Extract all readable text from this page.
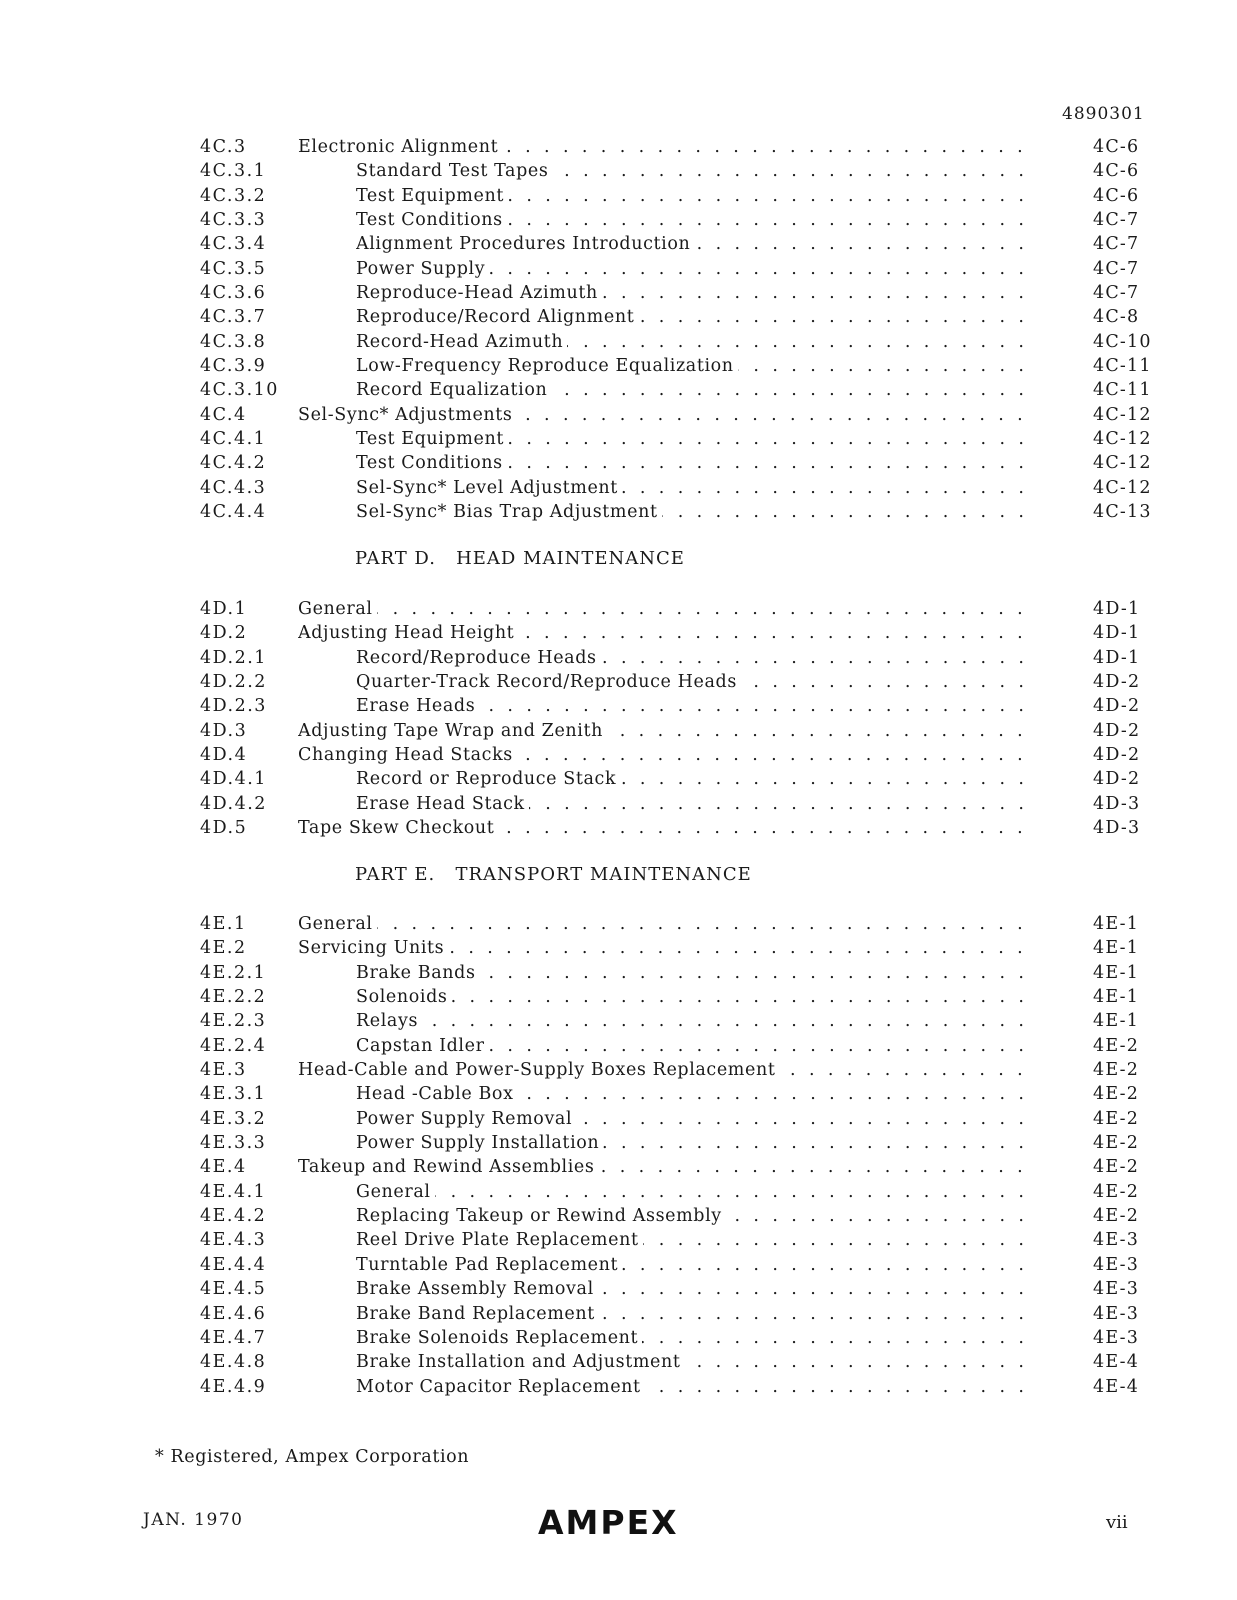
4890301
4C.3	Electronic Alignment . . .	4C-6
4C.3.1	Standard Test Tapes . . .	4C-6
4C.3.2	Test Equipment . . .	4C-6
4C.3.3	Test Conditions . . .	4C-7
4C.3.4	Alignment Procedures Introduction . . .	4C-7
4C.3.5	Power Supply . . .	4C-7
4C.3.6	Reproduce-Head Azimuth . . .	4C-7
4C.3.7	Reproduce/Record Alignment . . .	4C-8
4C.3.8	Record-Head Azimuth . . .	4C-10
4C.3.9	Low-Frequency Reproduce Equalization . . .	4C-11
4C.3.10	Record Equalization . . .	4C-11
4C.4	Sel-Sync* Adjustments . . .	4C-12
4C.4.1	Test Equipment . . .	4C-12
4C.4.2	Test Conditions . . .	4C-12
4C.4.3	Sel-Sync* Level Adjustment . . .	4C-12
4C.4.4	Sel-Sync* Bias Trap Adjustment . . .	4C-13
PART D.   HEAD MAINTENANCE
4D.1	General . . .	4D-1
4D.2	Adjusting Head Height . . .	4D-1
4D.2.1	Record/Reproduce Heads . . .	4D-1
4D.2.2	Quarter-Track Record/Reproduce Heads . . .	4D-2
4D.2.3	Erase Heads . . .	4D-2
4D.3	Adjusting Tape Wrap and Zenith . . .	4D-2
4D.4	Changing Head Stacks . . .	4D-2
4D.4.1	Record or Reproduce Stack . . .	4D-2
4D.4.2	Erase Head Stack . . .	4D-3
4D.5	Tape Skew Checkout . . .	4D-3
PART E.   TRANSPORT MAINTENANCE
4E.1	General . . .	4E-1
4E.2	Servicing Units . . .	4E-1
4E.2.1	Brake Bands . . .	4E-1
4E.2.2	Solenoids . . .	4E-1
4E.2.3	Relays . . .	4E-1
4E.2.4	Capstan Idler . . .	4E-2
4E.3	Head-Cable and Power-Supply Boxes Replacement . . .	4E-2
4E.3.1	Head -Cable Box . . .	4E-2
4E.3.2	Power Supply Removal . . .	4E-2
4E.3.3	Power Supply Installation . . .	4E-2
4E.4	Takeup and Rewind Assemblies . . .	4E-2
4E.4.1	General . . .	4E-2
4E.4.2	Replacing Takeup or Rewind Assembly . . .	4E-2
4E.4.3	Reel Drive Plate Replacement . . .	4E-3
4E.4.4	Turntable Pad Replacement . . .	4E-3
4E.4.5	Brake Assembly Removal . . .	4E-3
4E.4.6	Brake Band Replacement . . .	4E-3
4E.4.7	Brake Solenoids Replacement . . .	4E-3
4E.4.8	Brake Installation and Adjustment . . .	4E-4
4E.4.9	Motor Capacitor Replacement . . .	4E-4
* Registered, Ampex Corporation
JAN. 1970	AMPEX	vii
